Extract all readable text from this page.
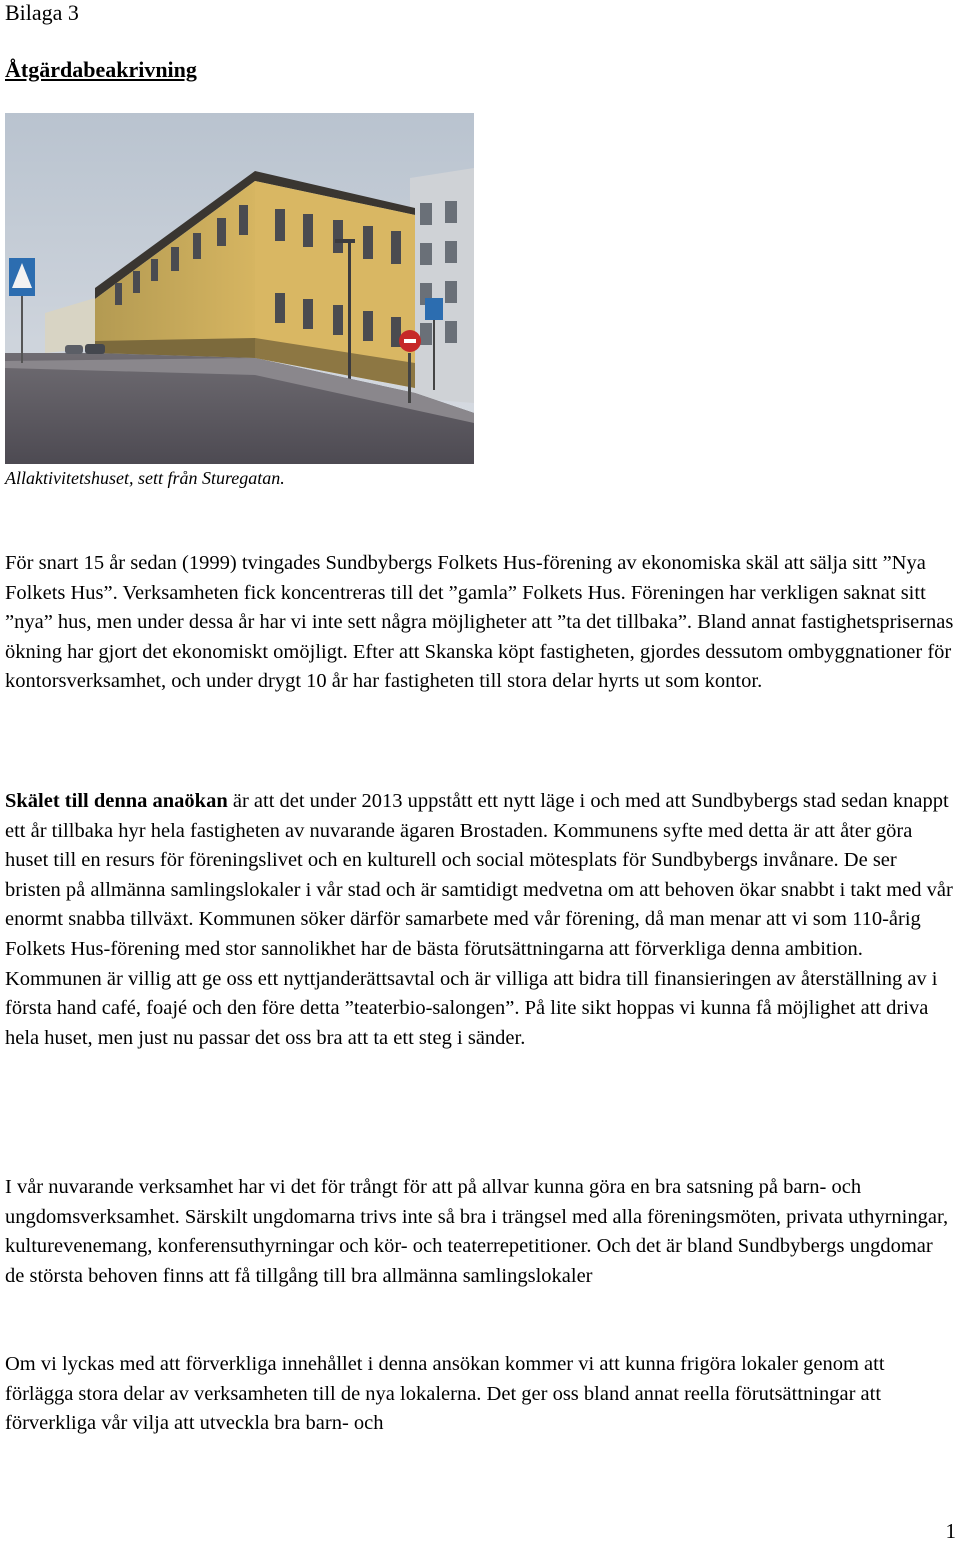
Bilaga 3
Åtgärdabeakrivning
Allaktivitetshuset, sett från Sturegatan.

För snart 15 år sedan (1999) tvingades Sundbybergs Folkets Hus-förening av ekonomiska skäl att sälja sitt ”Nya Folkets Hus”. Verksamheten fick koncentreras till det ”gamla” Folkets Hus. Föreningen har verkligen saknat sitt ”nya” hus, men under dessa år har vi inte sett några möjligheter att ”ta det tillbaka”. Bland annat fastighetsprisernas ökning har gjort det ekonomiskt omöjligt. Efter att Skanska köpt fastigheten, gjordes dessutom ombyggnationer för kontorsverksamhet, och under drygt 10 år har fastigheten till stora delar hyrts ut som kontor.

Skälet till denna anaökan är att det under 2013 uppstått ett nytt läge i och med att Sundbybergs stad sedan knappt ett år tillbaka hyr hela fastigheten av nuvarande ägaren Brostaden. Kommunens syfte med detta är att åter göra huset till en resurs för föreningslivet och en kulturell och social mötesplats för Sundbybergs invånare. De ser bristen på allmänna samlingslokaler i vår stad och är samtidigt medvetna om att behoven ökar snabbt i takt med vår enormt snabba tillväxt. Kommunen söker därför samarbete med vår förening, då man menar att vi som 110-årig Folkets Hus-förening med stor sannolikhet har de bästa förutsättningarna att förverkliga denna ambition. Kommunen är villig att ge oss ett nyttjanderättsavtal och är villiga att bidra till finansieringen av återställning av i första hand café, foajé och den före detta ”teaterbio-salongen”. På lite sikt hoppas vi kunna få möjlighet att driva hela huset, men just nu passar det oss bra att ta ett steg i sänder.

I vår nuvarande verksamhet har vi det för trångt för att på allvar kunna göra en bra satsning på barn- och ungdomsverksamhet. Särskilt ungdomarna trivs inte så bra i trängsel med alla föreningsmöten, privata uthyrningar, kulturevenemang, konferensuthyrningar och kör- och teaterrepetitioner. Och det är bland Sundbybergs ungdomar de största behoven finns att få tillgång till bra allmänna samlingslokaler

Om vi lyckas med att förverkliga innehållet i denna ansökan kommer vi att kunna frigöra lokaler genom att förlägga stora delar av verksamheten till de nya lokalerna. Det ger oss bland annat reella förutsättningar att förverkliga vår vilja att utveckla bra barn- och

1
